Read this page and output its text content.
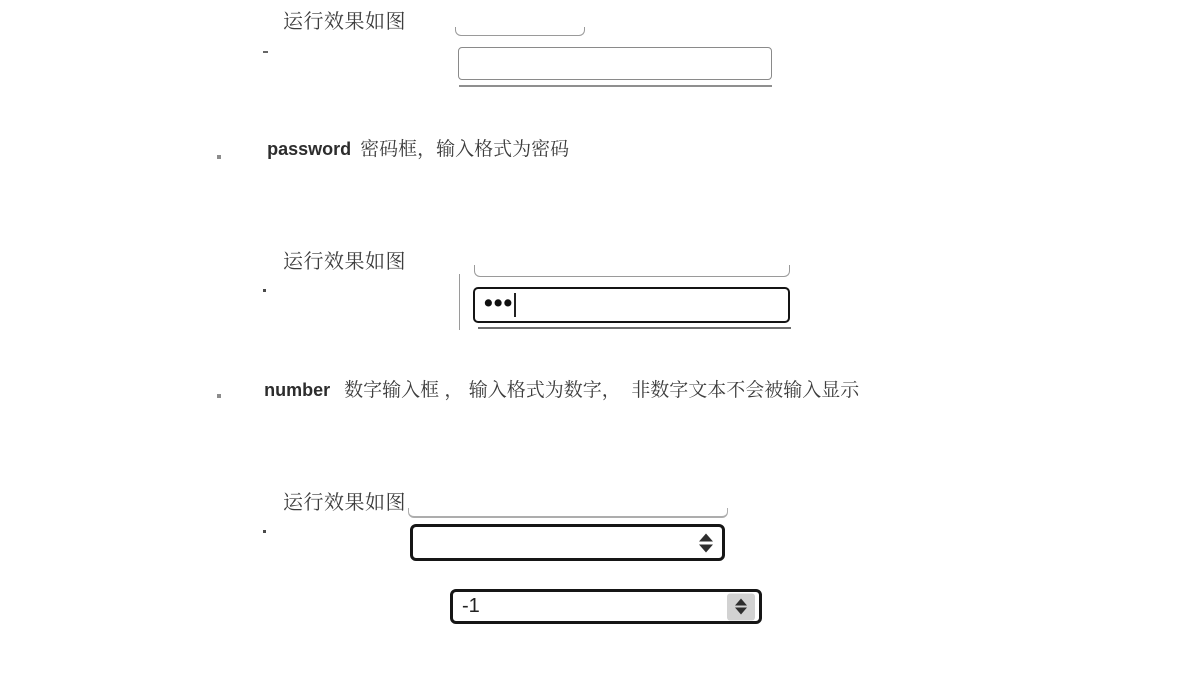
运行效果如图

password 密码框，输入格式为密码

运行效果如图
•••

number 数字输入框 ， 输入格式为数字，  非数字文本不会被输入显示

运行效果如图
-1
